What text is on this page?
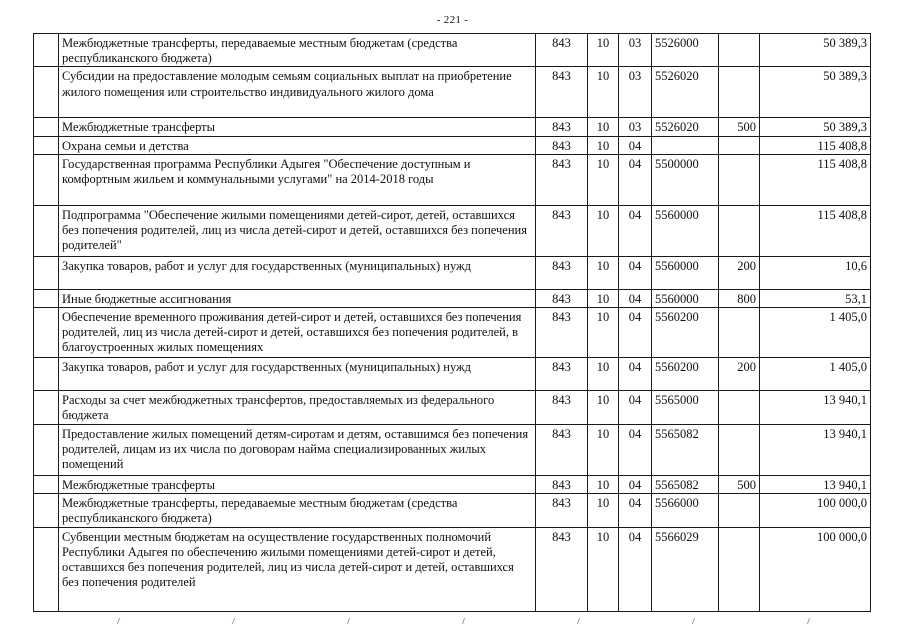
- 221 -
	Межбюджетные трансферты, передаваемые местным бюджетам (средства республиканского бюджета)	843	10	03	5526000		50 389,3
	Субсидии на предоставление молодым семьям социальных выплат на приобретение жилого помещения или строительство индивидуального жилого дома	843	10	03	5526020		50 389,3
	Межбюджетные трансферты	843	10	03	5526020	500	50 389,3
	Охрана семьи и детства	843	10	04			115 408,8
	Государственная программа Республики Адыгея "Обеспечение доступным и комфортным жильем и коммунальными услугами" на 2014-2018 годы	843	10	04	5500000		115 408,8
	Подпрограмма "Обеспечение жилыми помещениями детей-сирот, детей, оставшихся без попечения родителей, лиц из числа детей-сирот и детей, оставшихся без попечения родителей"	843	10	04	5560000		115 408,8
	Закупка товаров, работ и услуг для государственных (муниципальных) нужд	843	10	04	5560000	200	10,6
	Иные бюджетные ассигнования	843	10	04	5560000	800	53,1
	Обеспечение временного проживания детей-сирот и детей, оставшихся без попечения родителей, лиц из числа детей-сирот и детей, оставшихся без попечения родителей, в благоустроенных жилых помещениях	843	10	04	5560200		1 405,0
	Закупка товаров, работ и услуг для государственных (муниципальных) нужд	843	10	04	5560200	200	1 405,0
	Расходы за счет межбюджетных трансфертов, предоставляемых из федерального бюджета	843	10	04	5565000		13 940,1
	Предоставление жилых помещений детям-сиротам и детям, оставшимся без попечения родителей, лицам из их числа по договорам найма специализированных жилых помещений	843	10	04	5565082		13 940,1
	Межбюджетные трансферты	843	10	04	5565082	500	13 940,1
	Межбюджетные трансферты, передаваемые местным бюджетам (средства республиканского бюджета)	843	10	04	5566000		100 000,0
	Субвенции местным бюджетам на осуществление государственных полномочий Республики Адыгея по обеспечению жилыми помещениями детей-сирот и детей, оставшихся без попечения родителей, лиц из числа детей-сирот и детей, оставшихся без попечения родителей	843	10	04	5566029		100 000,0
